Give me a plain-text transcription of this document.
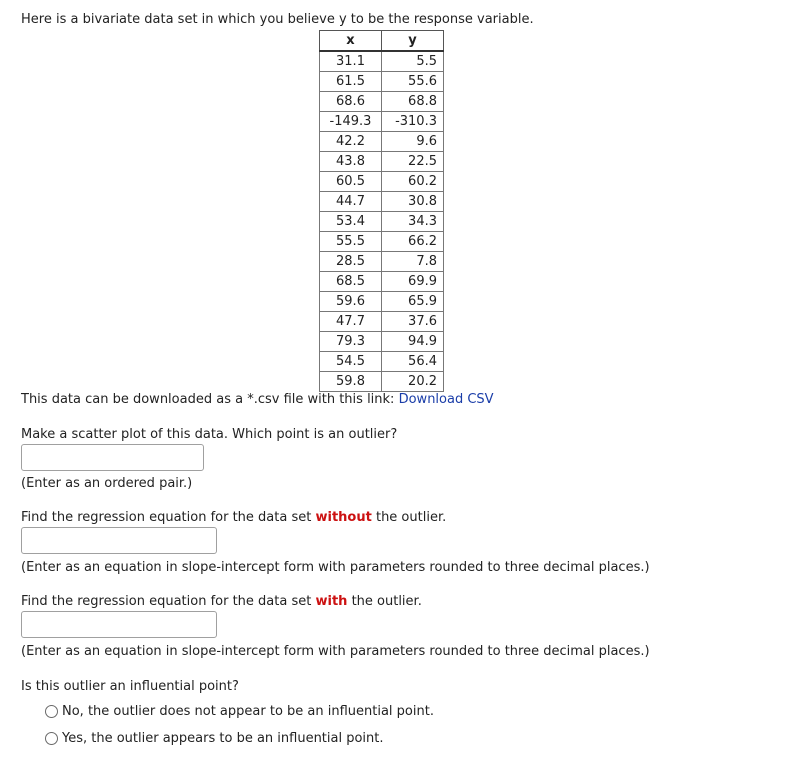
Here is a bivariate data set in which you believe y to be the response variable.
x	y
31.1	5.5
61.5	55.6
68.6	68.8
-149.3	-310.3
42.2	9.6
43.8	22.5
60.5	60.2
44.7	30.8
53.4	34.3
55.5	66.2
28.5	7.8
68.5	69.9
59.6	65.9
47.7	37.6
79.3	94.9
54.5	56.4
59.8	20.2
This data can be downloaded as a *.csv file with this link: Download CSV
Make a scatter plot of this data. Which point is an outlier?
(Enter as an ordered pair.)
Find the regression equation for the data set without the outlier.
(Enter as an equation in slope-intercept form with parameters rounded to three decimal places.)
Find the regression equation for the data set with the outlier.
(Enter as an equation in slope-intercept form with parameters rounded to three decimal places.)
Is this outlier an influential point?
No, the outlier does not appear to be an influential point.
Yes, the outlier appears to be an influential point.
